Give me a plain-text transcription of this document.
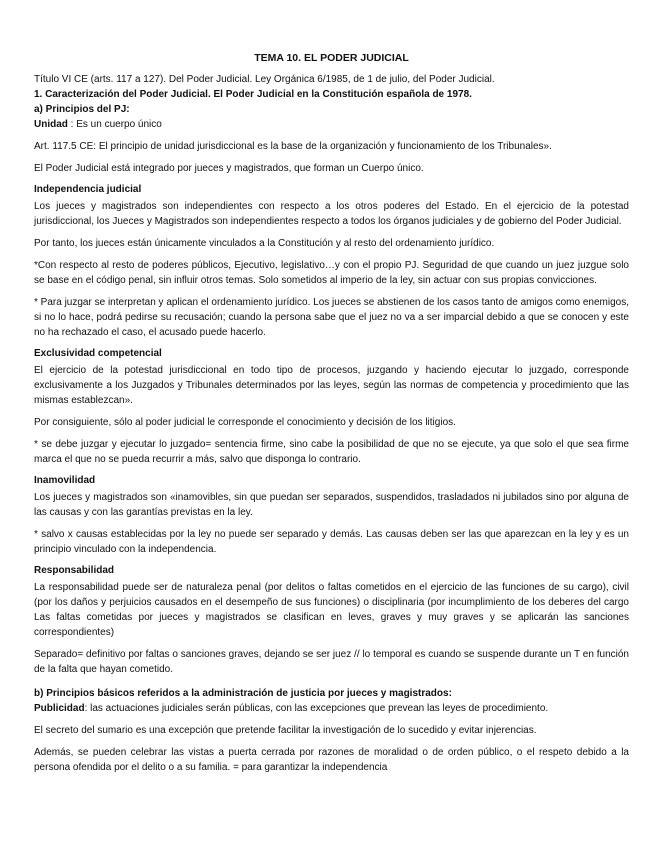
TEMA 10. EL PODER JUDICIAL

Título VI CE (arts. 117 a 127). Del Poder Judicial. Ley Orgánica 6/1985, de 1 de julio, del Poder Judicial.

1. Caracterización del Poder Judicial. El Poder Judicial en la Constitución española de 1978.

a) Principios del PJ:

Unidad : Es un cuerpo único

Art. 117.5 CE: El principio de unidad jurisdiccional es la base de la organización y funcionamiento de los Tribunales».

El Poder Judicial está integrado por jueces y magistrados, que forman un Cuerpo único.

Independencia judicial

Los jueces y magistrados son independientes con respecto a los otros poderes del Estado. En el ejercicio de la potestad jurisdiccional, los Jueces y Magistrados son independientes respecto a todos los órganos judiciales y de gobierno del Poder Judicial.

Por tanto, los jueces están únicamente vinculados a la Constitución y al resto del ordenamiento jurídico.

*Con respecto al resto de poderes públicos, Ejecutivo, legislativo…y con el propio PJ. Seguridad de que cuando un juez juzgue solo se base en el código penal, sin influir otros temas. Solo sometidos al imperio de la ley, sin actuar con sus propias convicciones.

* Para juzgar se interpretan y aplican el ordenamiento jurídico. Los jueces se abstienen de los casos tanto de amigos como enemigos, si no lo hace, podrá pedirse su recusación; cuando la persona sabe que el juez no va a ser imparcial debido a que se conocen y este no ha rechazado el caso, el acusado puede hacerlo.

Exclusividad competencial

El ejercicio de la potestad jurisdiccional en todo tipo de procesos, juzgando y haciendo ejecutar lo juzgado, corresponde exclusivamente a los Juzgados y Tribunales determinados por las leyes, según las normas de competencia y procedimiento que las mismas establezcan».

Por consiguiente, sólo al poder judicial le corresponde el conocimiento y decisión de los litigios.

* se debe juzgar y ejecutar lo juzgado= sentencia firme, sino cabe la posibilidad de que no se ejecute, ya que solo el que sea firme marca el que no se pueda recurrir a más, salvo que disponga lo contrario.

Inamovilidad

Los jueces y magistrados son «inamovibles, sin que puedan ser separados, suspendidos, trasladados ni jubilados sino por alguna de las causas y con las garantías previstas en la ley.

* salvo x causas establecidas por la ley no puede ser separado y demás. Las causas deben ser las que aparezcan en la ley y es un principio vinculado con la independencia.

Responsabilidad

La responsabilidad puede ser de naturaleza penal (por delitos o faltas cometidos en el ejercicio de las funciones de su cargo), civil (por los daños y perjuicios causados en el desempeño de sus funciones) o disciplinaria (por incumplimiento de los deberes del cargo Las faltas cometidas por jueces y magistrados se clasifican en leves, graves y muy graves y se aplicarán las sanciones correspondientes)

Separado= definitivo por faltas o sanciones graves, dejando se ser juez // lo temporal es cuando se suspende durante un T en función de la falta que hayan cometido.

b) Principios básicos referidos a la administración de justicia por jueces y magistrados:

Publicidad: las actuaciones judiciales serán públicas, con las excepciones que prevean las leyes de procedimiento.

El secreto del sumario es una excepción que pretende facilitar la investigación de lo sucedido y evitar injerencias.

Además, se pueden celebrar las vistas a puerta cerrada por razones de moralidad o de orden público, o el respeto debido a la persona ofendida por el delito o a su familia. = para garantizar la independencia
